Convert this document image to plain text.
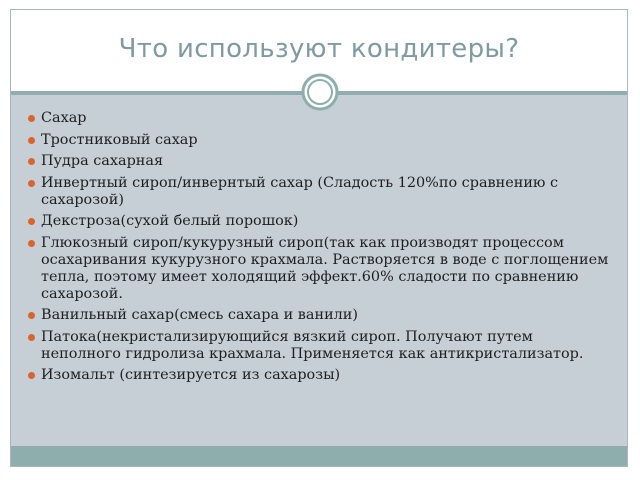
Что используют кондитеры?
Сахар
Тростниковый сахар
Пудра сахарная
Инвертный сироп/инвернтый сахар (Сладость 120%по сравнению с сахарозой)
Декстроза(сухой белый порошок)
Глюкозный сироп/кукурузный сироп(так как производят процессом осахаривания кукурузного крахмала. Растворяется в воде с поглощением тепла, поэтому имеет холодящий эффект.60% сладости по сравнению сахарозой.
Ванильный сахар(смесь сахара и ванили)
Патока(некристализирующийся вязкий сироп. Получают путем неполного гидролиза крахмала. Применяется как антикристализатор.
Изомальт (синтезируется из сахарозы)
